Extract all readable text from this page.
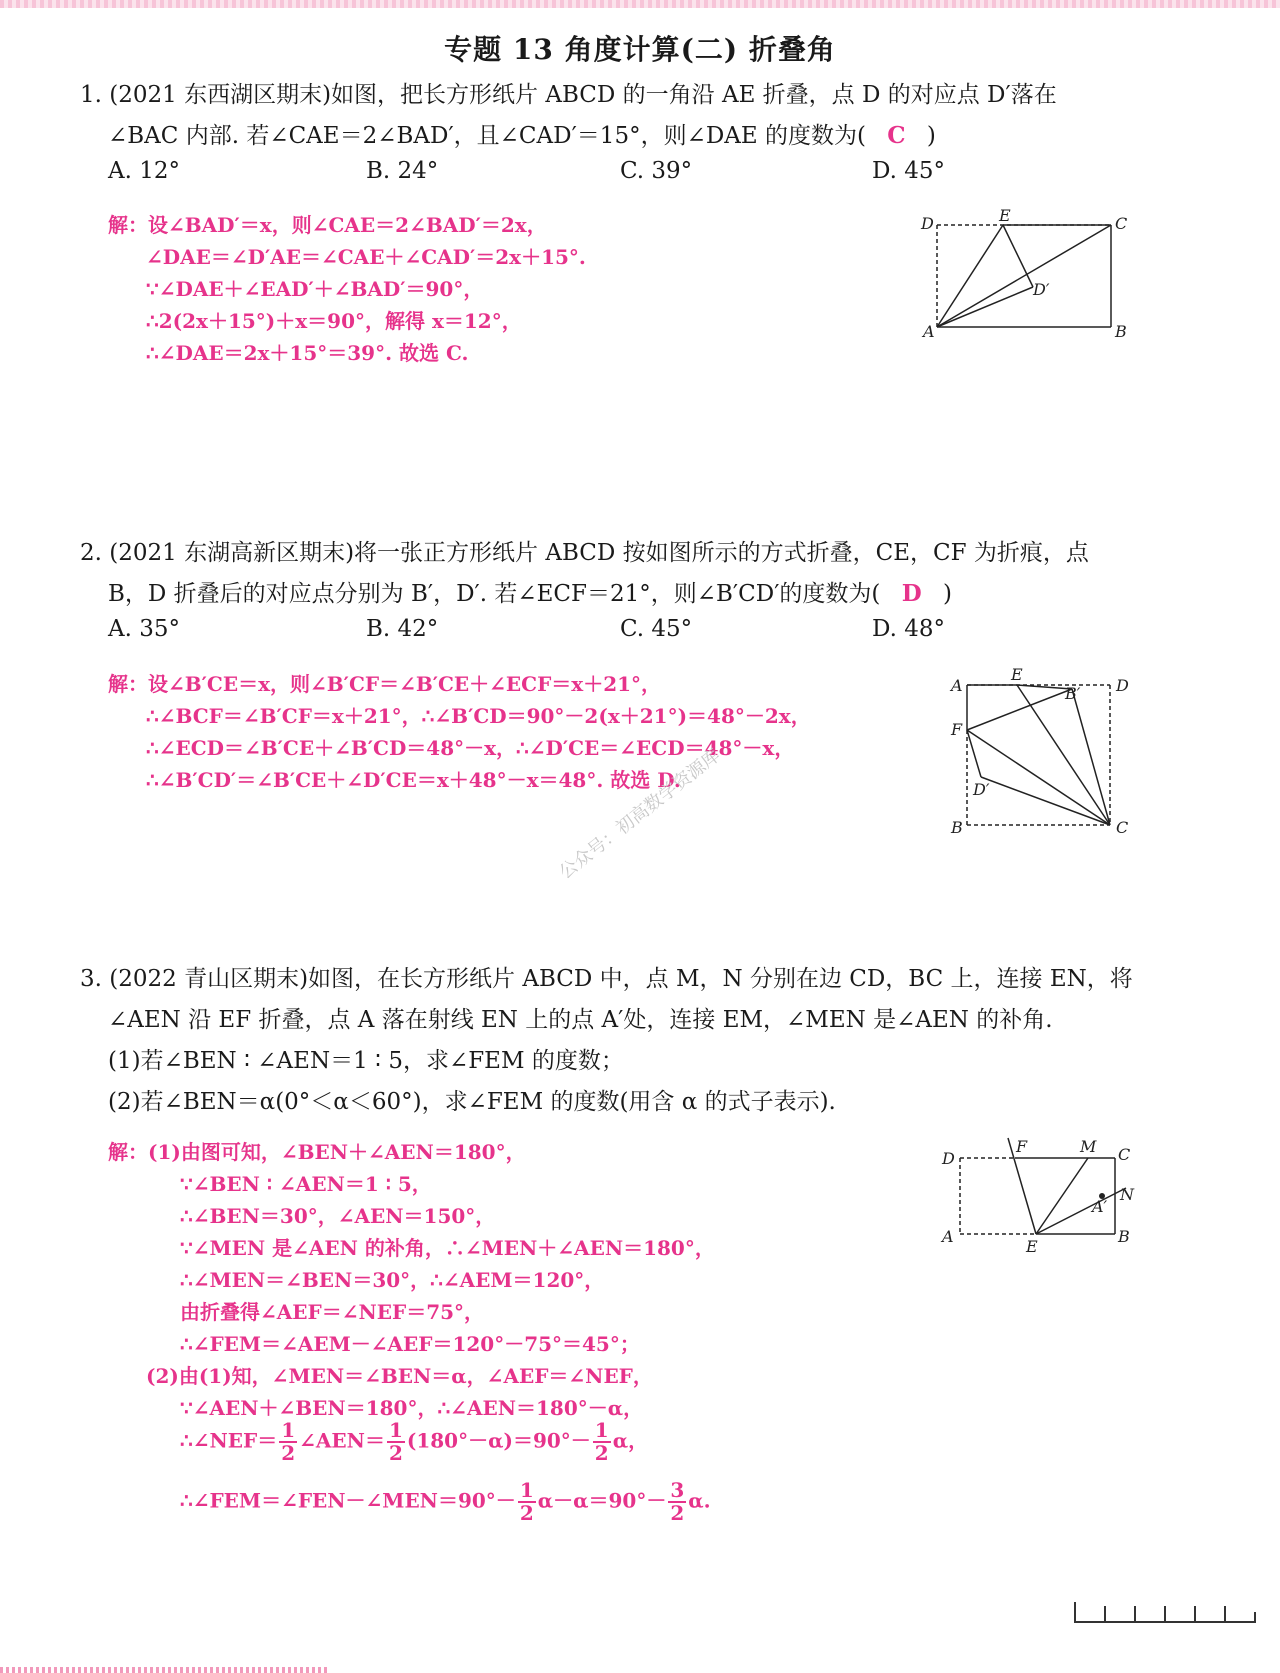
专题 13 角度计算(二) 折叠角
1. (2021 东西湖区期末)如图，把长方形纸片 ABCD 的一角沿 AE 折叠，点 D 的对应点 D′落在
∠BAC 内部. 若∠CAE＝2∠BAD′，且∠CAD′＝15°，则∠DAE 的度数为( C )
A. 12°	B. 24°	C. 39°	D. 45°
解：设∠BAD′＝x，则∠CAE＝2∠BAD′＝2x，
∠DAE＝∠D′AE＝∠CAE＋∠CAD′＝2x＋15°.
∵∠DAE＋∠EAD′＋∠BAD′＝90°，
∴2(2x＋15°)＋x＝90°，解得 x＝12°，
∴∠DAE＝2x＋15°＝39°. 故选 C.
D	E	C
D′
A	B
2. (2021 东湖高新区期末)将一张正方形纸片 ABCD 按如图所示的方式折叠，CE，CF 为折痕，点
B，D 折叠后的对应点分别为 B′，D′. 若∠ECF＝21°，则∠B′CD′的度数为( D )
A. 35°	B. 42°	C. 45°	D. 48°
解：设∠B′CE＝x，则∠B′CF＝∠B′CE＋∠ECF＝x＋21°，
∴∠BCF＝∠B′CF＝x＋21°，∴∠B′CD＝90°－2(x＋21°)＝48°－2x，
∴∠ECD＝∠B′CE＋∠B′CD＝48°－x，∴∠D′CE＝∠ECD＝48°－x，
∴∠B′CD′＝∠B′CE＋∠D′CE＝x＋48°－x＝48°. 故选 D.
A
E
B′ D
F
D′
B	C
公众号：初高数学资源库
3. (2022 青山区期末)如图，在长方形纸片 ABCD 中，点 M，N 分别在边 CD，BC 上，连接 EN，将
∠AEN 沿 EF 折叠，点 A 落在射线 EN 上的点 A′处，连接 EM，∠MEN 是∠AEN 的补角.
(1)若∠BEN ∶ ∠AEN＝1 ∶ 5，求∠FEM 的度数；
(2)若∠BEN＝α(0°＜α＜60°)，求∠FEM 的度数(用含 α 的式子表示).
解：(1)由图可知，∠BEN＋∠AEN＝180°，
∵∠BEN ∶ ∠AEN＝1 ∶ 5，
∴∠BEN＝30°，∠AEN＝150°，
∵∠MEN 是∠AEN 的补角，∴∠MEN＋∠AEN＝180°，
∴∠MEN＝∠BEN＝30°，∴∠AEM＝120°，
由折叠得∠AEF＝∠NEF＝75°，
∴∠FEM＝∠AEM－∠AEF＝120°－75°＝45°；
(2)由(1)知，∠MEN＝∠BEN＝α，∠AEF＝∠NEF，
∵∠AEN＋∠BEN＝180°，∴∠AEN＝180°－α，
∴∠NEF＝ $\frac{1}{2}$ ∠AEN＝ $\frac{1}{2} (180^\circ-\alpha)=90^\circ- \frac{1}{2}$ α，
∴∠FEM＝∠FEN－∠MEN＝90°－ $\frac{1}{2} \alpha-\alpha=90^\circ- \frac{3}{2} \alpha$.
D
F	M C
N
A′
A
E
B
